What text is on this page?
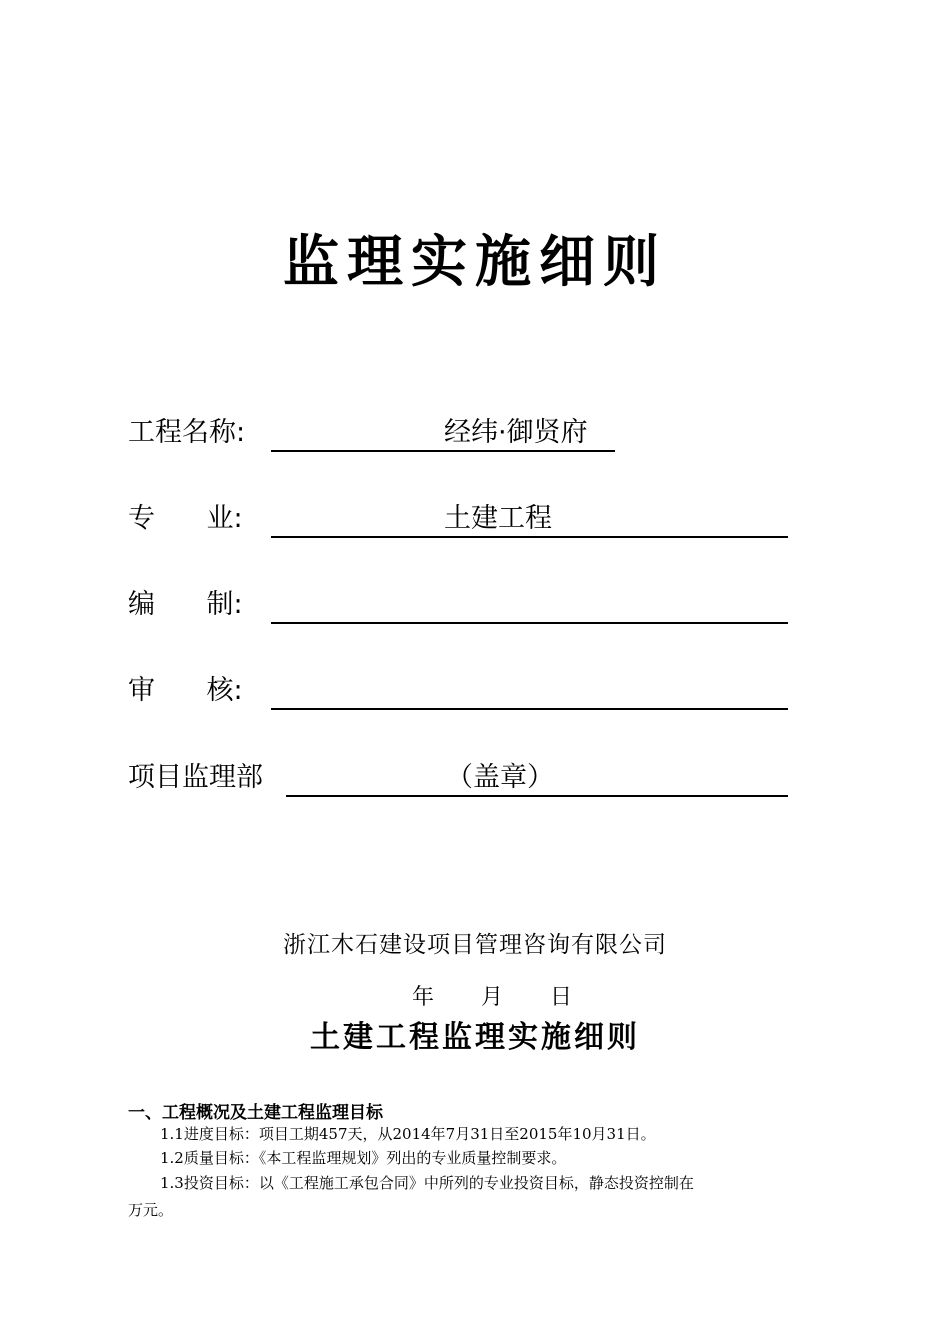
监理实施细则
工程名称:	经纬·御贤府
专      业:	土建工程
编      制:
审      核:
项目监理部	（盖章）
浙江木石建设项目管理咨询有限公司
年 月 日
土建工程监理实施细则
一、工程概况及土建工程监理目标
1.1进度目标：项目工期457天，从2014年7月31日至2015年10月31日。
1.2质量目标：《本工程监理规划》列出的专业质量控制要求。
1.3投资目标：以《工程施工承包合同》中所列的专业投资目标，静态投资控制在
万元。
